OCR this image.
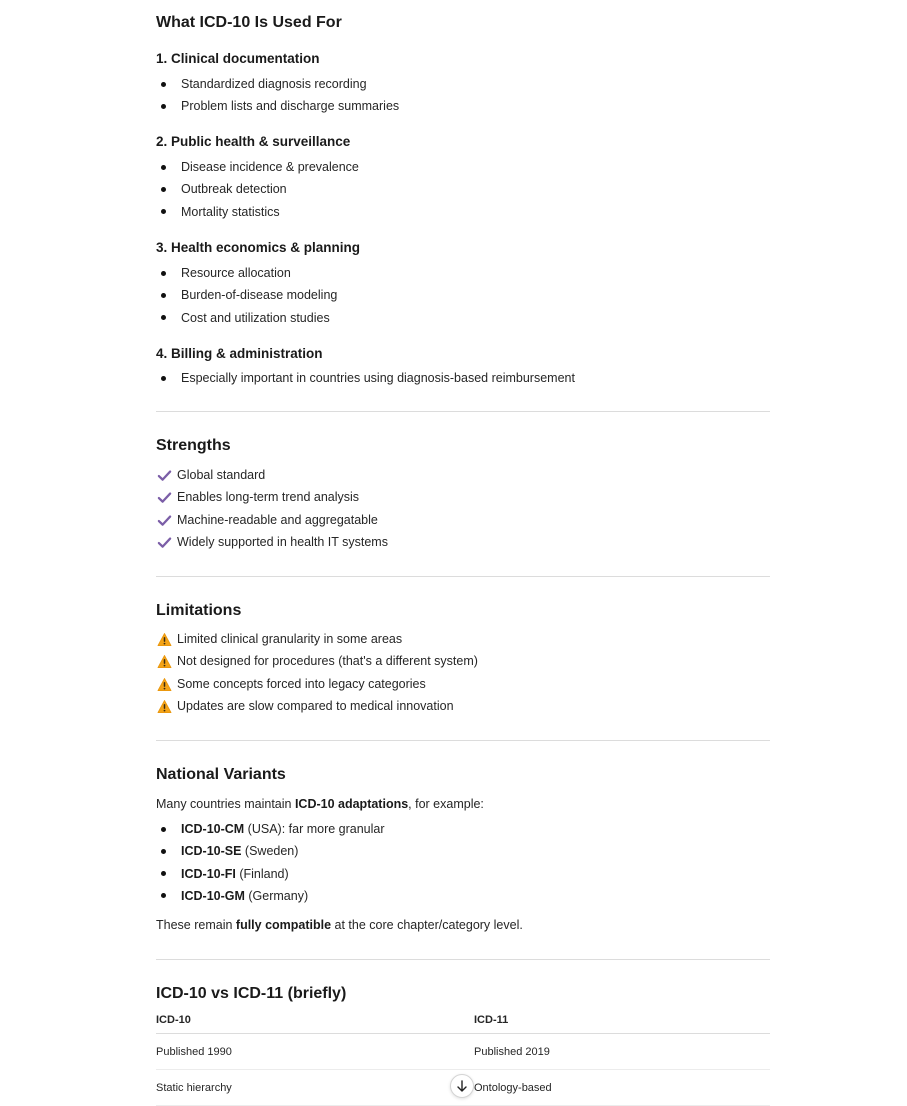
What ICD-10 Is Used For
1. Clinical documentation
Standardized diagnosis recording
Problem lists and discharge summaries
2. Public health & surveillance
Disease incidence & prevalence
Outbreak detection
Mortality statistics
3. Health economics & planning
Resource allocation
Burden-of-disease modeling
Cost and utilization studies
4. Billing & administration
Especially important in countries using diagnosis-based reimbursement
Strengths
Global standard
Enables long-term trend analysis
Machine-readable and aggregatable
Widely supported in health IT systems
Limitations
Limited clinical granularity in some areas
Not designed for procedures (that's a different system)
Some concepts forced into legacy categories
Updates are slow compared to medical innovation
National Variants

Many countries maintain ICD-10 adaptations, for example:

ICD-10-CM (USA): far more granular
ICD-10-SE (Sweden)
ICD-10-FI (Finland)
ICD-10-GM (Germany)

These remain fully compatible at the core chapter/category level.

ICD-10 vs ICD-11 (briefly)
ICD-10	ICD-11
Published 1990	Published 2019
Static hierarchy	Ontology-based
